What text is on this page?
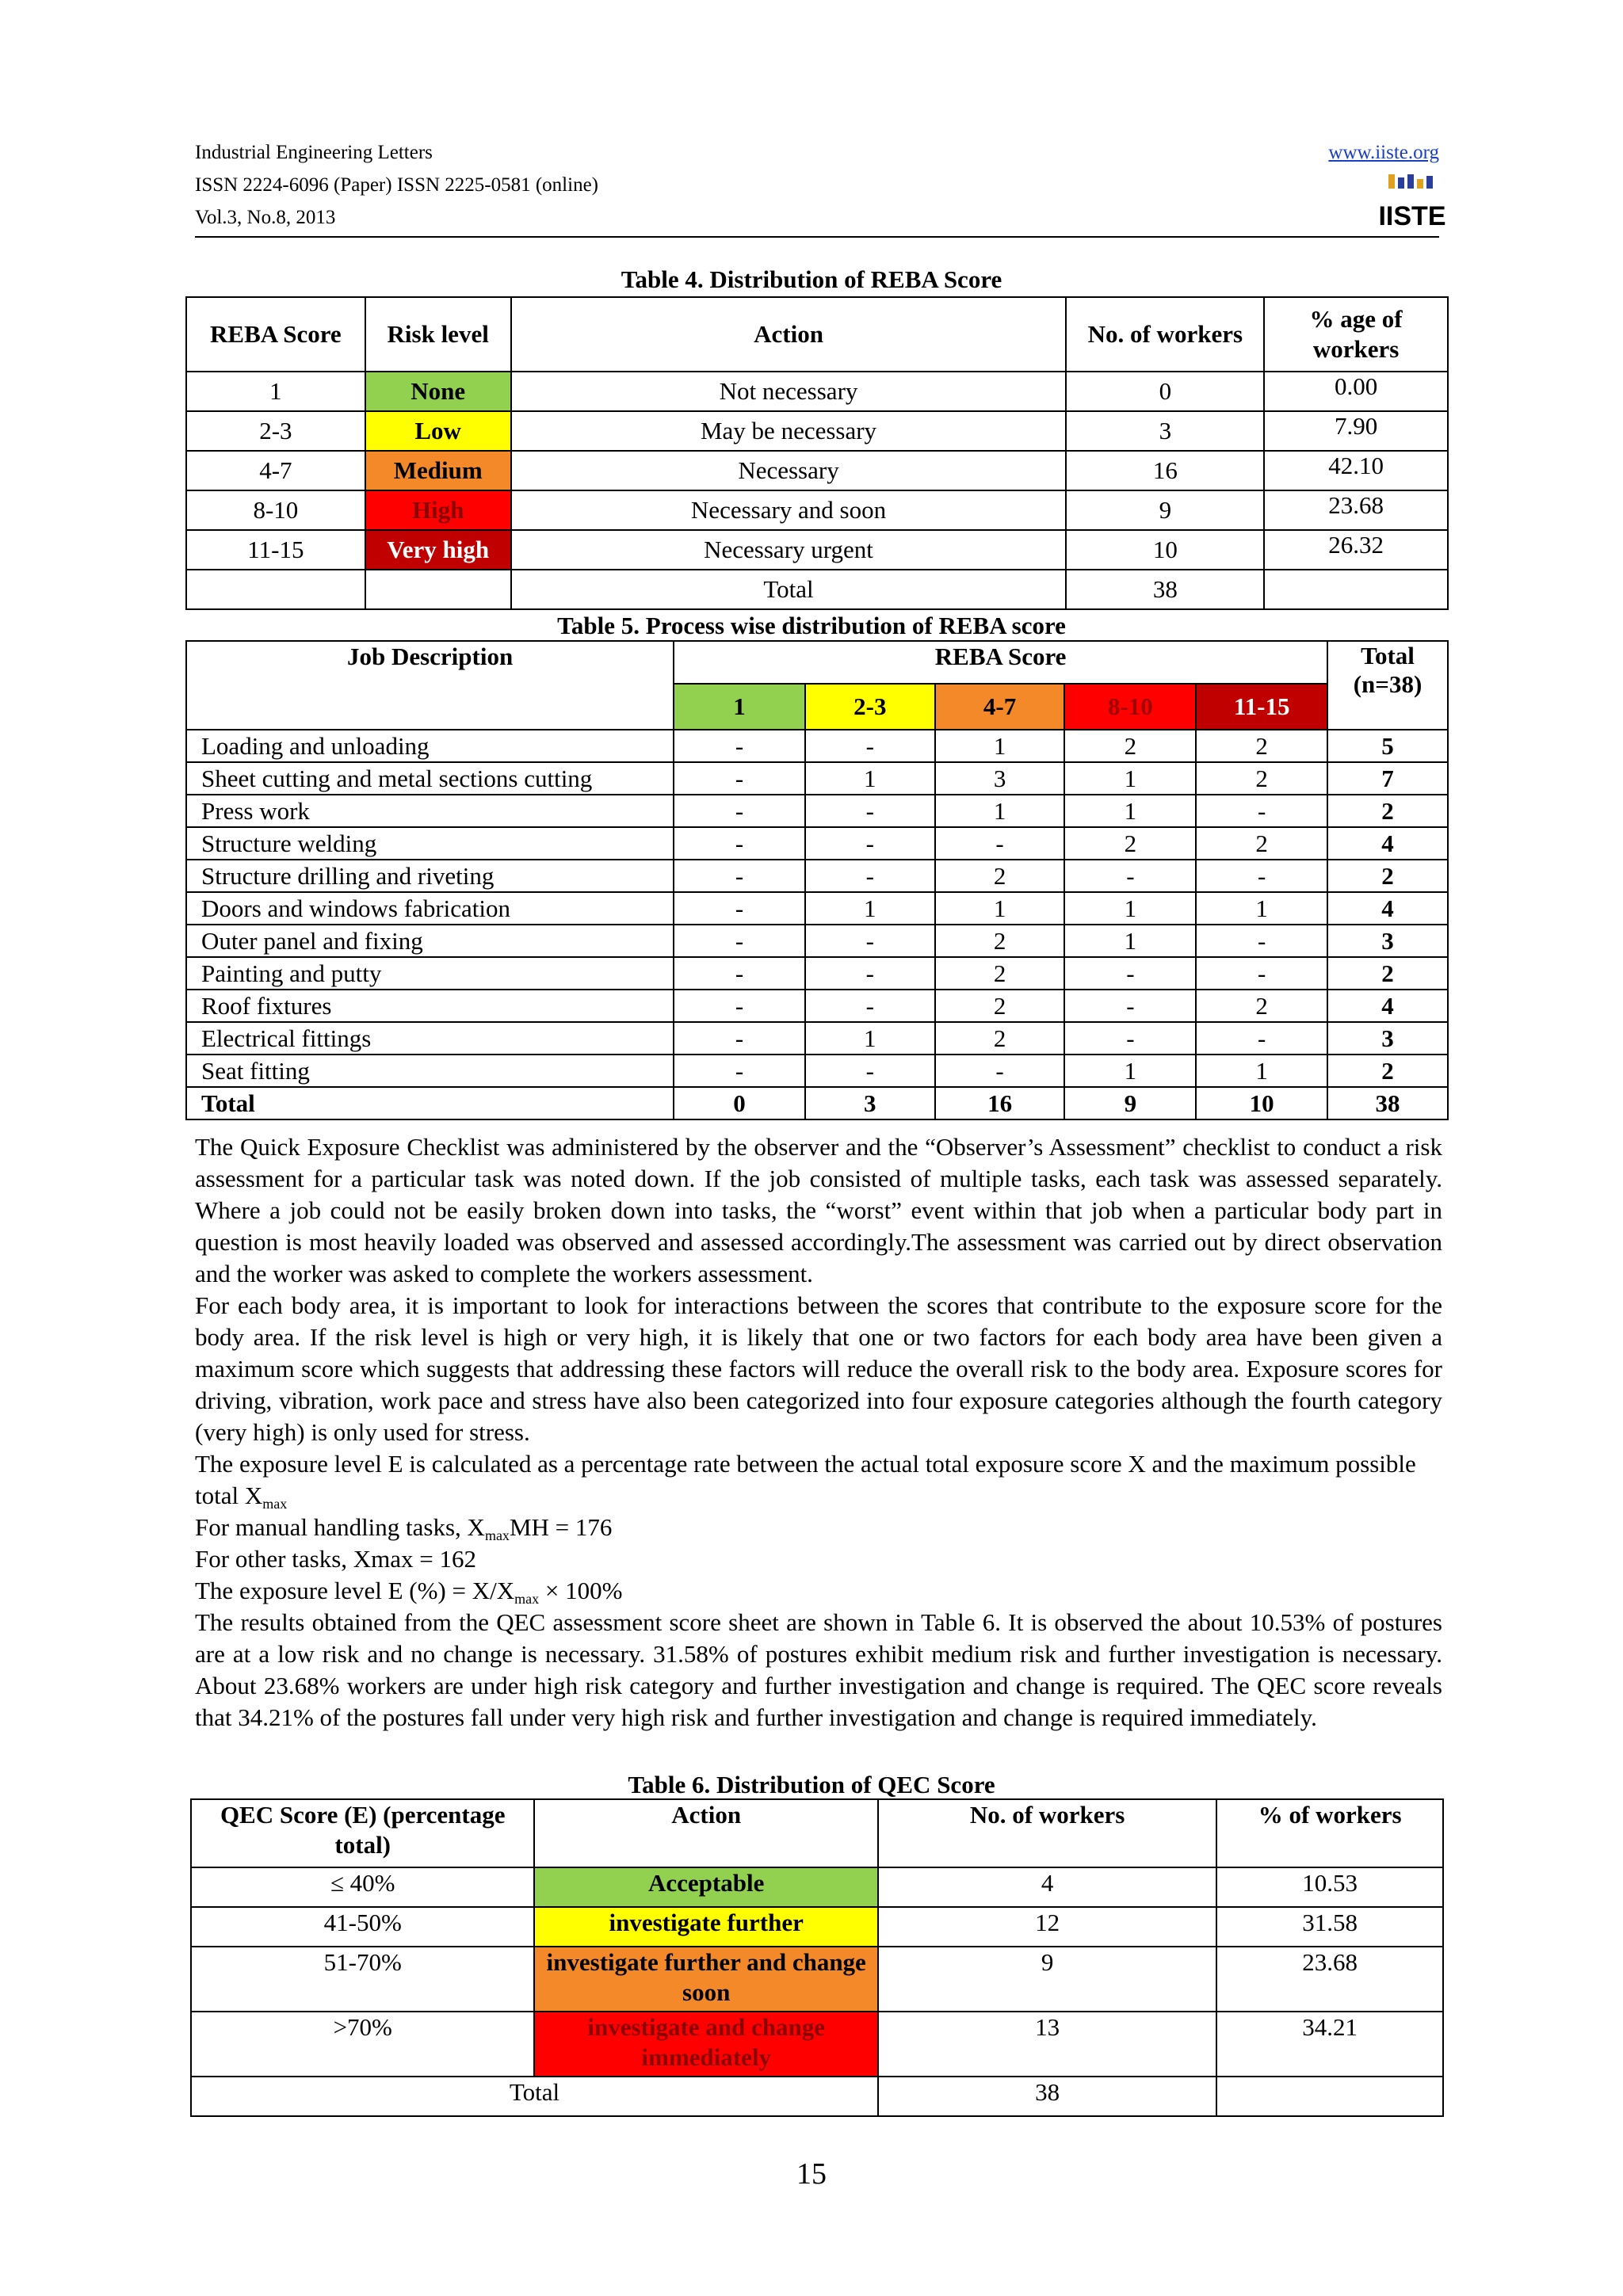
Industrial Engineering Letters
ISSN 2224-6096 (Paper) ISSN 2225-0581 (online)
Vol.3, No.8, 2013
www.iiste.org
IISTE
Table 4. Distribution of REBA Score
REBA Score	Risk level	Action	No. of workers	% age of workers
1	None	Not necessary	0	0.00
2-3	Low	May be necessary	3	7.90
4-7	Medium	Necessary	16	42.10
8-10	High	Necessary and soon	9	23.68
11-15	Very high	Necessary urgent	10	26.32
		Total	38	
Table 5. Process wise distribution of REBA score
Job Description	REBA Score					Total (n=38)
	1	2-3	4-7	8-10	11-15	
Loading and unloading	-	-	1	2	2	5
Sheet cutting and metal sections cutting	-	1	3	1	2	7
Press work	-	-	1	1	-	2
Structure welding	-	-	-	2	2	4
Structure drilling and riveting	-	-	2	-	-	2
Doors and windows fabrication	-	1	1	1	1	4
Outer panel and fixing	-	-	2	1	-	3
Painting and putty	-	-	2	-	-	2
Roof fixtures	-	-	2	-	2	4
Electrical fittings	-	1	2	-	-	3
Seat fitting	-	-	-	1	1	2
Total	0	3	16	9	10	38

The Quick Exposure Checklist was administered by the observer and the “Observer’s Assessment” checklist to conduct a risk assessment for a particular task was noted down. If the job consisted of multiple tasks, each task was assessed separately. Where a job could not be easily broken down into tasks, the “worst” event within that job when a particular body part in question is most heavily loaded was observed and assessed accordingly.The assessment was carried out by direct observation and the worker was asked to complete the workers assessment.

For each body area, it is important to look for interactions between the scores that contribute to the exposure score for the body area. If the risk level is high or very high, it is likely that one or two factors for each body area have been given a maximum score which suggests that addressing these factors will reduce the overall risk to the body area. Exposure scores for driving, vibration, work pace and stress have also been categorized into four exposure categories although the fourth category (very high) is only used for stress.

The exposure level E is calculated as a percentage rate between the actual total exposure score X and the maximum possible total $X_{max}$

For manual handling tasks, $X_{max}MH = 176$

For other tasks, Xmax = 162

The exposure level E (%) = $X/X_{max} \times 100\%$

The results obtained from the QEC assessment score sheet are shown in Table 6. It is observed the about 10.53% of postures are at a low risk and no change is necessary. 31.58% of postures exhibit medium risk and further investigation is necessary. About 23.68% workers are under high risk category and further investigation and change is required. The QEC score reveals that 34.21% of the postures fall under very high risk and further investigation and change is required immediately.

Table 6. Distribution of QEC Score
QEC Score (E) (percentage total)	Action	No. of workers	% of workers
≤ 40%	Acceptable	4	10.53
41-50%	investigate further	12	31.58
51-70%	investigate further and change soon	9	23.68
>70%	investigate and change immediately	13	34.21
Total		38	
15
